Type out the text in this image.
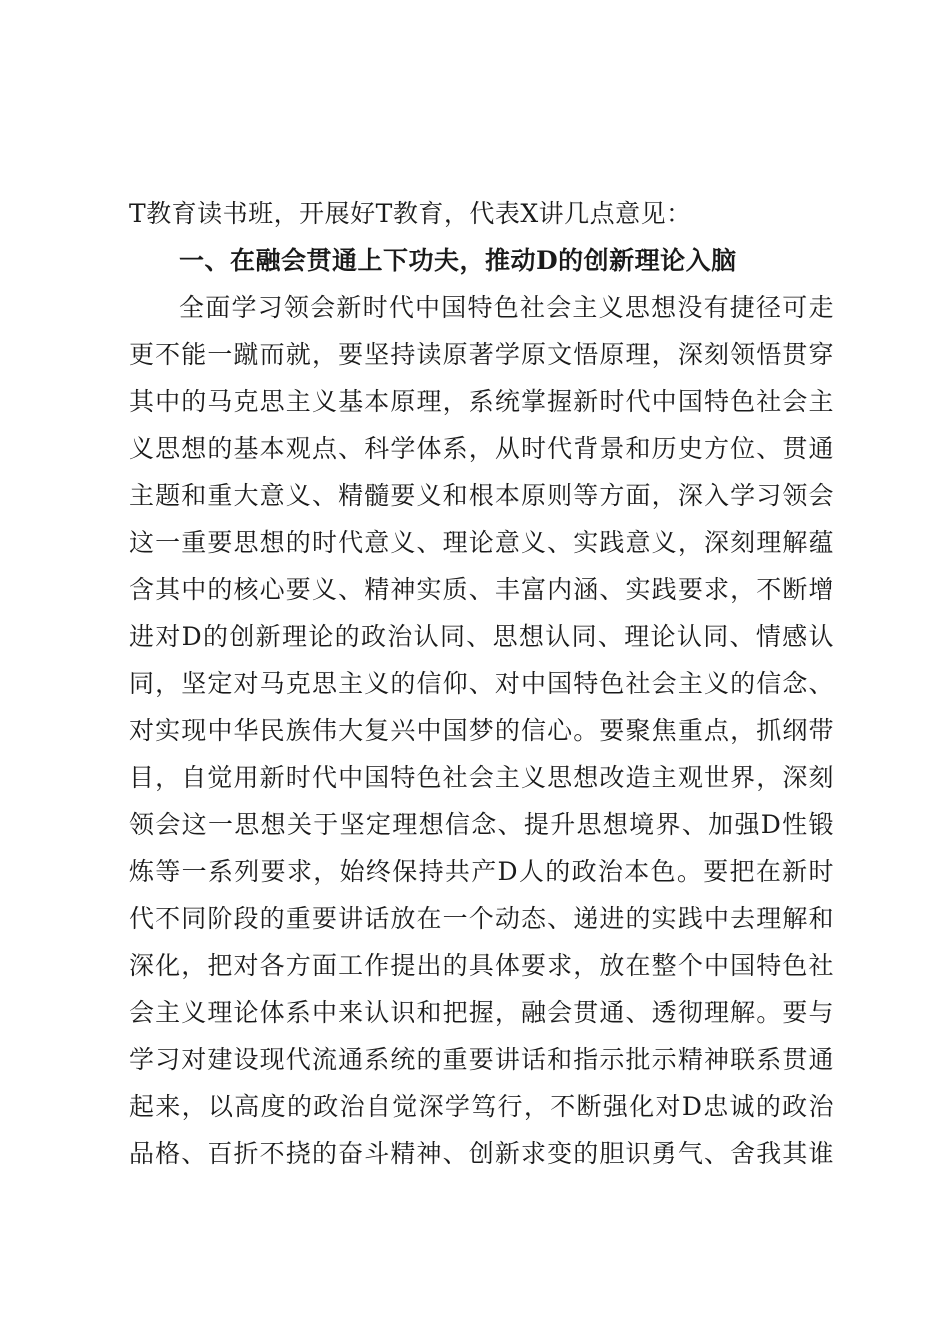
T教育读书班，开展好T教育，代表X讲几点意见：
一、在融会贯通上下功夫，推动D的创新理论入脑
全面学习领会新时代中国特色社会主义思想没有捷径可走
更不能一蹴而就，要坚持读原著学原文悟原理，深刻领悟贯穿
其中的马克思主义基本原理，系统掌握新时代中国特色社会主
义思想的基本观点、科学体系，从时代背景和历史方位、贯通
主题和重大意义、精髓要义和根本原则等方面，深入学习领会
这一重要思想的时代意义、理论意义、实践意义，深刻理解蕴
含其中的核心要义、精神实质、丰富内涵、实践要求，不断增
进对D的创新理论的政治认同、思想认同、理论认同、情感认
同，坚定对马克思主义的信仰、对中国特色社会主义的信念、
对实现中华民族伟大复兴中国梦的信心。要聚焦重点，抓纲带
目，自觉用新时代中国特色社会主义思想改造主观世界，深刻
领会这一思想关于坚定理想信念、提升思想境界、加强D性锻
炼等一系列要求，始终保持共产D人的政治本色。要把在新时
代不同阶段的重要讲话放在一个动态、递进的实践中去理解和
深化，把对各方面工作提出的具体要求，放在整个中国特色社
会主义理论体系中来认识和把握，融会贯通、透彻理解。要与
学习对建设现代流通系统的重要讲话和指示批示精神联系贯通
起来，以高度的政治自觉深学笃行，不断强化对D忠诚的政治
品格、百折不挠的奋斗精神、创新求变的胆识勇气、舍我其谁
